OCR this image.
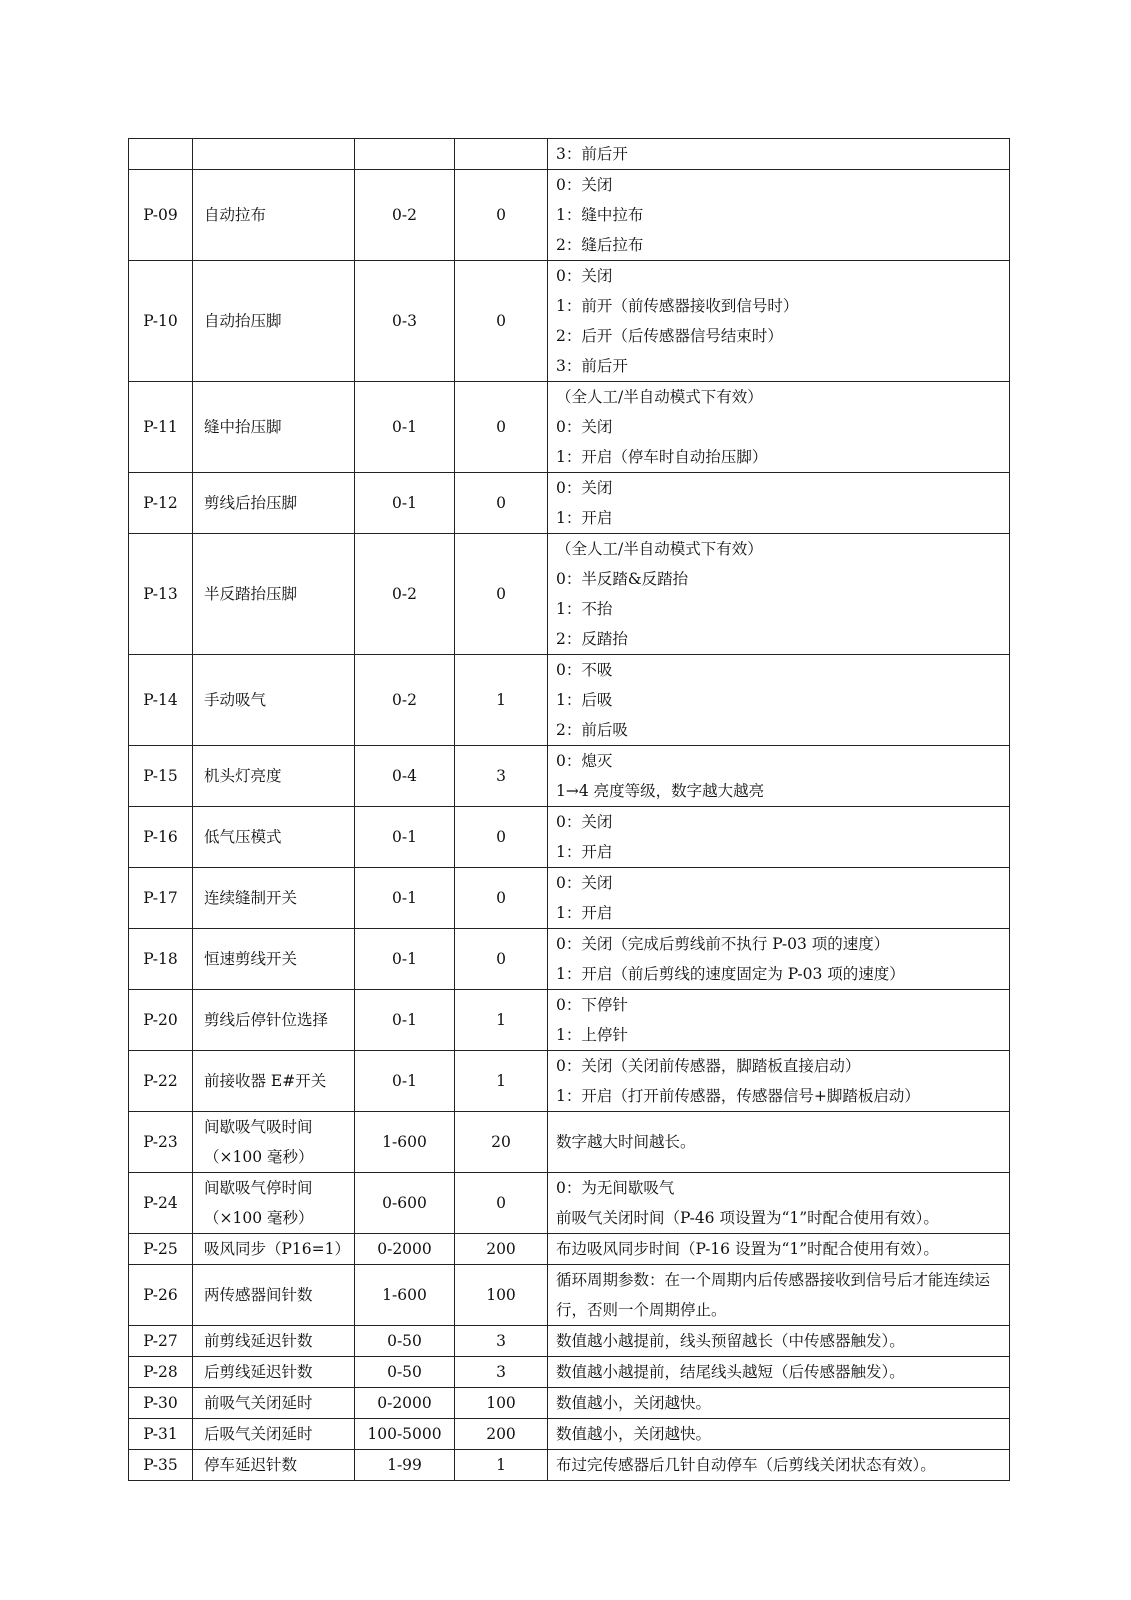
				3：前后开

P-09	自动拉布	0-2	0	0：关闭
1：缝中拉布
2：缝后拉布

P-10	自动抬压脚	0-3	0	0：关闭
1：前开（前传感器接收到信号时）
2：后开（后传感器信号结束时）
3：前后开

P-11	缝中抬压脚	0-1	0	（全人工/半自动模式下有效）
0：关闭
1：开启（停车时自动抬压脚）

P-12	剪线后抬压脚	0-1	0	0：关闭
1：开启

P-13	半反踏抬压脚	0-2	0	（全人工/半自动模式下有效）
0：半反踏&反踏抬
1：不抬
2：反踏抬

P-14	手动吸气	0-2	1	0：不吸
1：后吸
2：前后吸

P-15	机头灯亮度	0-4	3	0：熄灭
1→4 亮度等级，数字越大越亮

P-16	低气压模式	0-1	0	0：关闭
1：开启

P-17	连续缝制开关	0-1	0	0：关闭
1：开启

P-18	恒速剪线开关	0-1	0	0：关闭（完成后剪线前不执行 P-03 项的速度）
1：开启（前后剪线的速度固定为 P-03 项的速度）

P-20	剪线后停针位选择	0-1	1	0：下停针
1：上停针

P-22	前接收器 E#开关	0-1	1	0：关闭（关闭前传感器，脚踏板直接启动）
1：开启（打开前传感器，传感器信号+脚踏板启动）

P-23	间歇吸气吸时间
（×100 毫秒）	1-600	20	数字越大时间越长。

P-24	间歇吸气停时间
（×100 毫秒）	0-600	0	0：为无间歇吸气
前吸气关闭时间（P-46 项设置为“1”时配合使用有效）。

P-25	吸风同步（P16=1）	0-2000	200	布边吸风同步时间（P-16 设置为“1”时配合使用有效）。

P-26	两传感器间针数	1-600	100	循环周期参数：在一个周期内后传感器接收到信号后才能连续运行，否则一个周期停止。

P-27	前剪线延迟针数	0-50	3	数值越小越提前，线头预留越长（中传感器触发）。

P-28	后剪线延迟针数	0-50	3	数值越小越提前，结尾线头越短（后传感器触发）。

P-30	前吸气关闭延时	0-2000	100	数值越小，关闭越快。

P-31	后吸气关闭延时	100-5000	200	数值越小，关闭越快。

P-35	停车延迟针数	1-99	1	布过完传感器后几针自动停车（后剪线关闭状态有效）。
